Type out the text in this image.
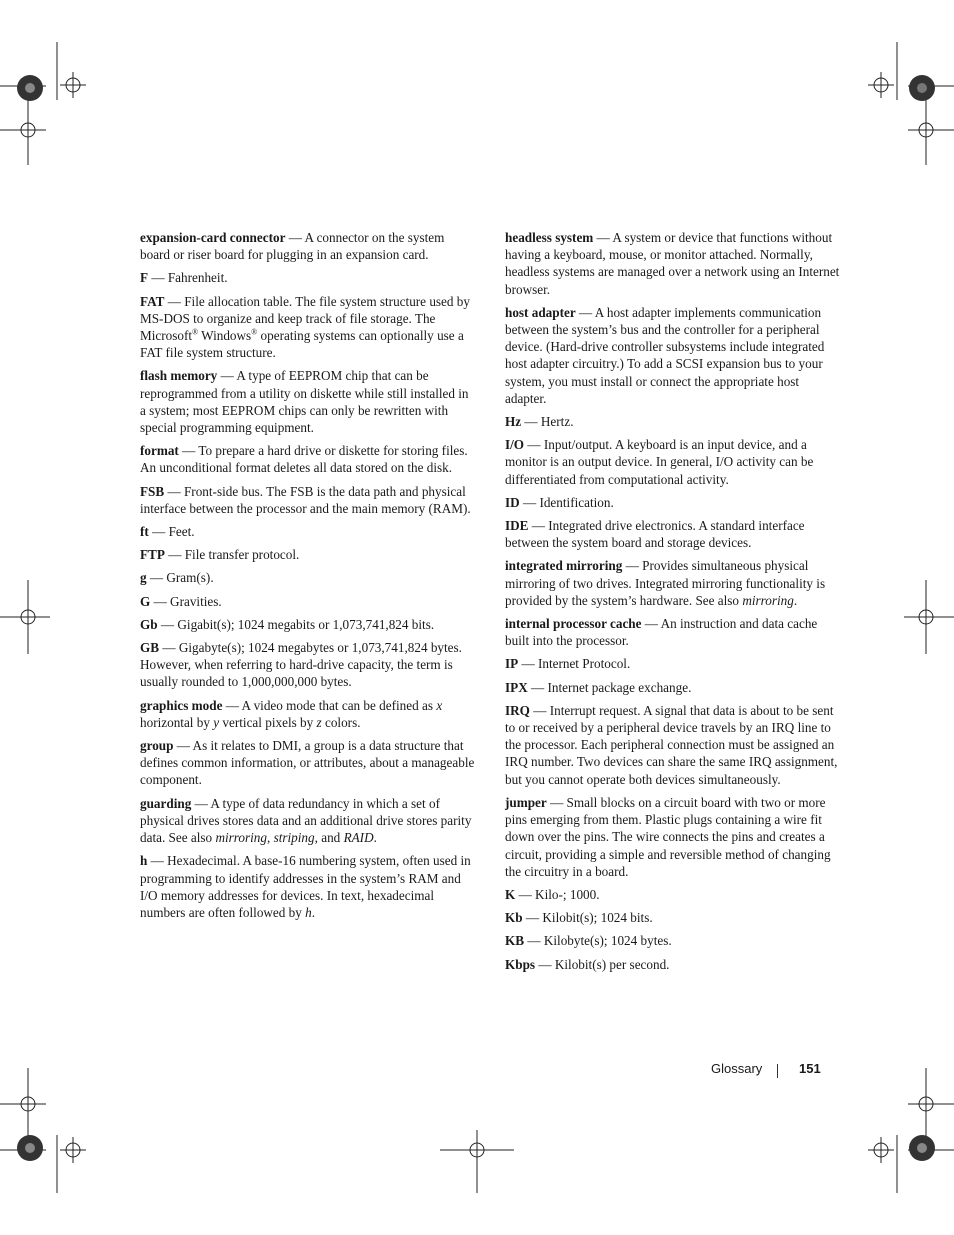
expansion-card connector — A connector on the system board or riser board for plugging in an expansion card.

F — Fahrenheit.

FAT — File allocation table. The file system structure used by MS-DOS to organize and keep track of file storage. The Microsoft® Windows® operating systems can optionally use a FAT file system structure.

flash memory — A type of EEPROM chip that can be reprogrammed from a utility on diskette while still installed in a system; most EEPROM chips can only be rewritten with special programming equipment.

format — To prepare a hard drive or diskette for storing files. An unconditional format deletes all data stored on the disk.

FSB — Front-side bus. The FSB is the data path and physical interface between the processor and the main memory (RAM).

ft — Feet.

FTP — File transfer protocol.

g — Gram(s).

G — Gravities.

Gb — Gigabit(s); 1024 megabits or 1,073,741,824 bits.

GB — Gigabyte(s); 1024 megabytes or 1,073,741,824 bytes. However, when referring to hard-drive capacity, the term is usually rounded to 1,000,000,000 bytes.

graphics mode — A video mode that can be defined as x horizontal by y vertical pixels by z colors.

group — As it relates to DMI, a group is a data structure that defines common information, or attributes, about a manageable component.

guarding — A type of data redundancy in which a set of physical drives stores data and an additional drive stores parity data. See also mirroring, striping, and RAID.

h — Hexadecimal. A base-16 numbering system, often used in programming to identify addresses in the system’s RAM and I/O memory addresses for devices. In text, hexadecimal numbers are often followed by h.

headless system — A system or device that functions without having a keyboard, mouse, or monitor attached. Normally, headless systems are managed over a network using an Internet browser.

host adapter — A host adapter implements communication between the system’s bus and the controller for a peripheral device. (Hard-drive controller subsystems include integrated host adapter circuitry.) To add a SCSI expansion bus to your system, you must install or connect the appropriate host adapter.

Hz — Hertz.

I/O — Input/output. A keyboard is an input device, and a monitor is an output device. In general, I/O activity can be differentiated from computational activity.

ID — Identification.

IDE — Integrated drive electronics. A standard interface between the system board and storage devices.

integrated mirroring — Provides simultaneous physical mirroring of two drives. Integrated mirroring functionality is provided by the system’s hardware. See also mirroring.

internal processor cache — An instruction and data cache built into the processor.

IP — Internet Protocol.

IPX — Internet package exchange.

IRQ — Interrupt request. A signal that data is about to be sent to or received by a peripheral device travels by an IRQ line to the processor. Each peripheral connection must be assigned an IRQ number. Two devices can share the same IRQ assignment, but you cannot operate both devices simultaneously.

jumper — Small blocks on a circuit board with two or more pins emerging from them. Plastic plugs containing a wire fit down over the pins. The wire connects the pins and creates a circuit, providing a simple and reversible method of changing the circuitry in a board.

K — Kilo-; 1000.

Kb — Kilobit(s); 1024 bits.

KB — Kilobyte(s); 1024 bytes.

Kbps — Kilobit(s) per second.

Glossary	151
